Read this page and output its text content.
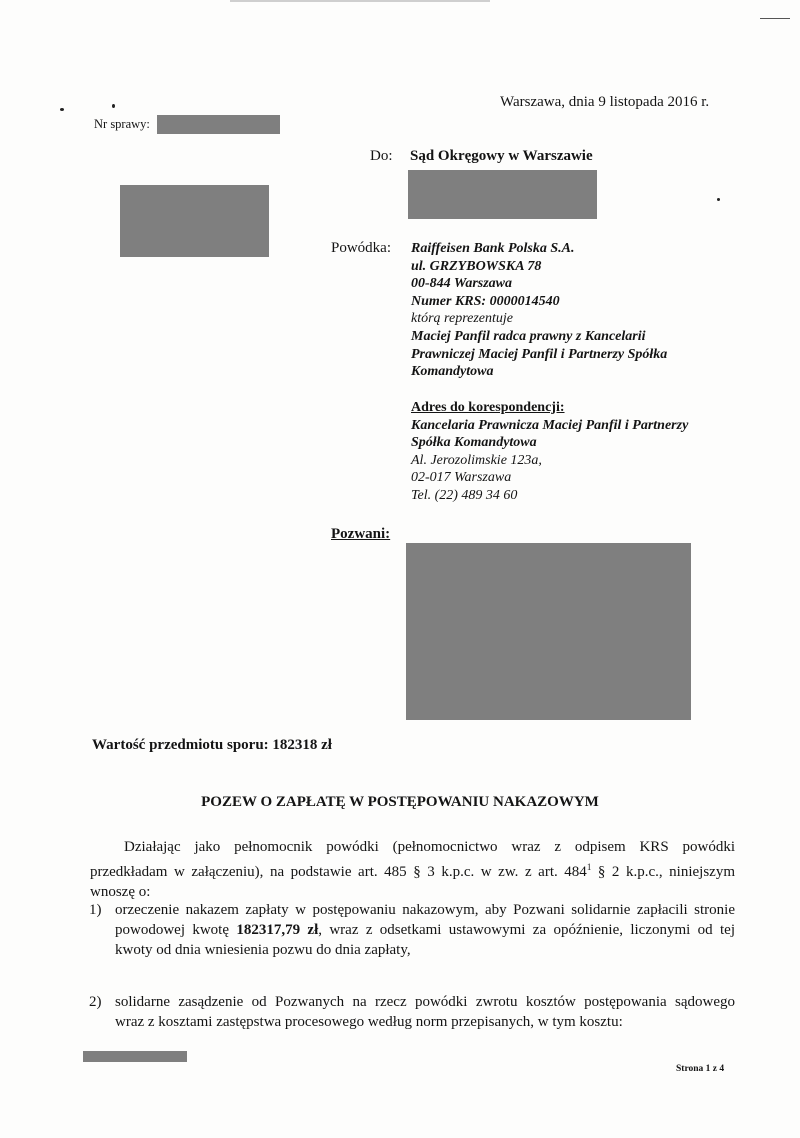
Warszawa, dnia 9 listopada 2016 r.
Nr sprawy:
Do: Sąd Okręgowy w Warszawie
Powódka: Raiffeisen Bank Polska S.A.
ul. GRZYBOWSKA 78
00-844 Warszawa
Numer KRS: 0000014540
którą reprezentuje
Maciej Panfil radca prawny z Kancelarii
Prawniczej Maciej Panfil i Partnerzy Spółka
Komandytowa
Adres do korespondencji:
Kancelaria Prawnicza Maciej Panfil i Partnerzy
Spółka Komandytowa
Al. Jerozolimskie 123a,
02-017 Warszawa
Tel. (22) 489 34 60
Pozwani:
Wartość przedmiotu sporu: 182318 zł
POZEW O ZAPŁATĘ W POSTĘPOWANIU NAKAZOWYM
Działając jako pełnomocnik powódki (pełnomocnictwo wraz z odpisem KRS powódki
przedkładam w załączeniu), na podstawie art. 485 § 3 k.p.c. w zw. z art. $484^1$ § 2 k.p.c., niniejszym
wnoszę o:
1) orzeczenie nakazem zapłaty w postępowaniu nakazowym, aby Pozwani solidarnie zapłacili stronie
powodowej kwotę 182317,79 zł, wraz z odsetkami ustawowymi za opóźnienie, liczonymi od tej
kwoty od dnia wniesienia pozwu do dnia zapłaty,
2) solidarne zasądzenie od Pozwanych na rzecz powódki zwrotu kosztów postępowania sądowego
wraz z kosztami zastępstwa procesowego według norm przepisanych, w tym kosztu:
Strona 1 z 4
